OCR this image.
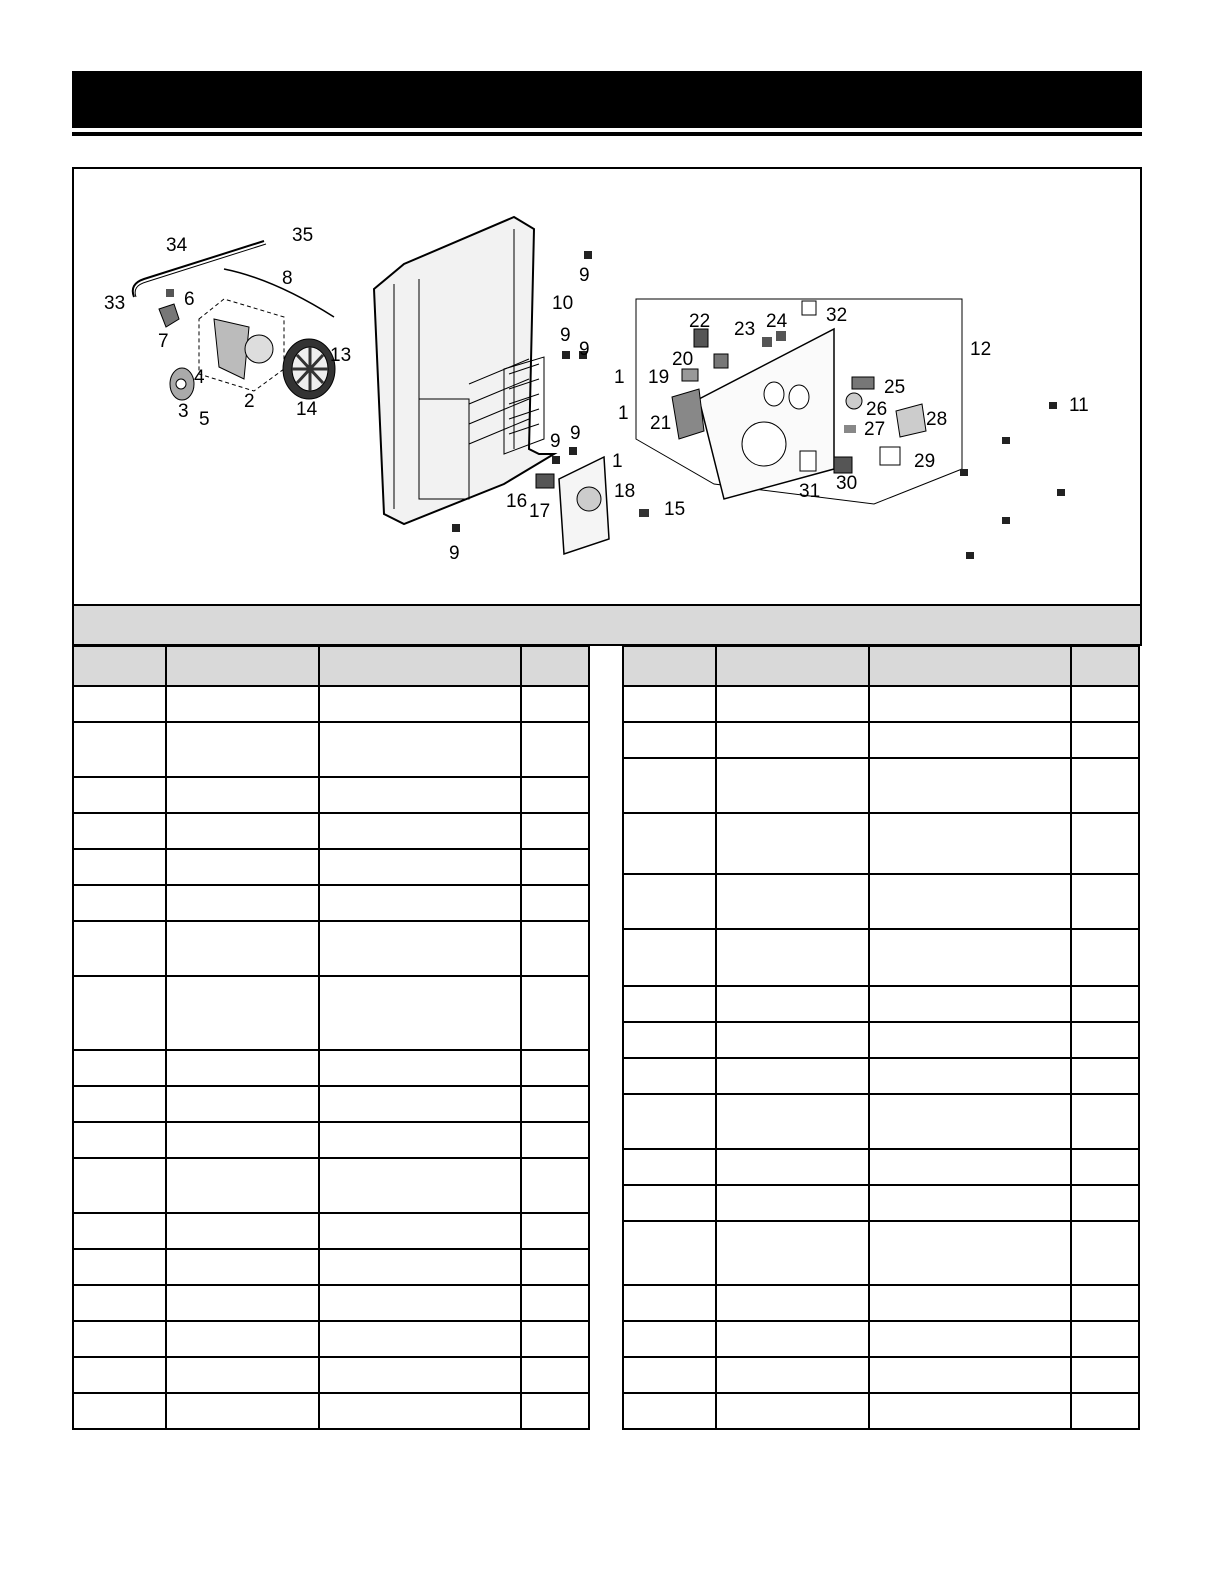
34	35
8
33	6
7
13
2 14
3
4
5
9
10
9
9
1
1
1
9 9
16 17
18
15
9
22 23 24 32
12
20
19
21
25
26 28
27
29
31 30
11
